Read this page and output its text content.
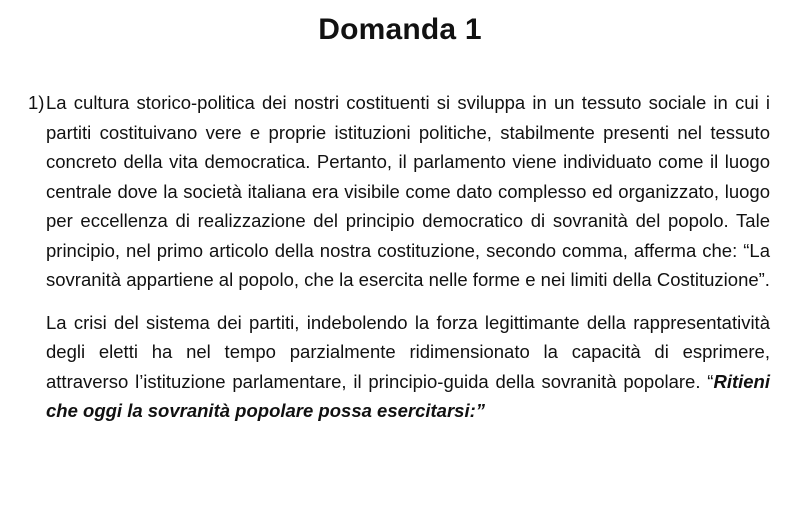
Domanda 1
1) La cultura storico-politica dei nostri costituenti si sviluppa in un tessuto sociale in cui i partiti costituivano vere e proprie istituzioni politiche, stabilmente presenti nel tessuto concreto della vita democratica. Pertanto, il parlamento viene individuato come il luogo centrale dove la società italiana era visibile come dato complesso ed organizzato, luogo per eccellenza di realizzazione del principio democratico di sovranità del popolo. Tale principio, nel primo articolo della nostra costituzione, secondo comma, afferma che: “La sovranità appartiene al popolo, che la esercita nelle forme e nei limiti della Costituzione”.

La crisi del sistema dei partiti, indebolendo la forza legittimante della rappresentatività degli eletti ha nel tempo parzialmente ridimensionato la capacità di esprimere, attraverso l’istituzione parlamentare, il principio-guida della sovranità popolare. “Ritieni che oggi la sovranità popolare possa esercitarsi:”
